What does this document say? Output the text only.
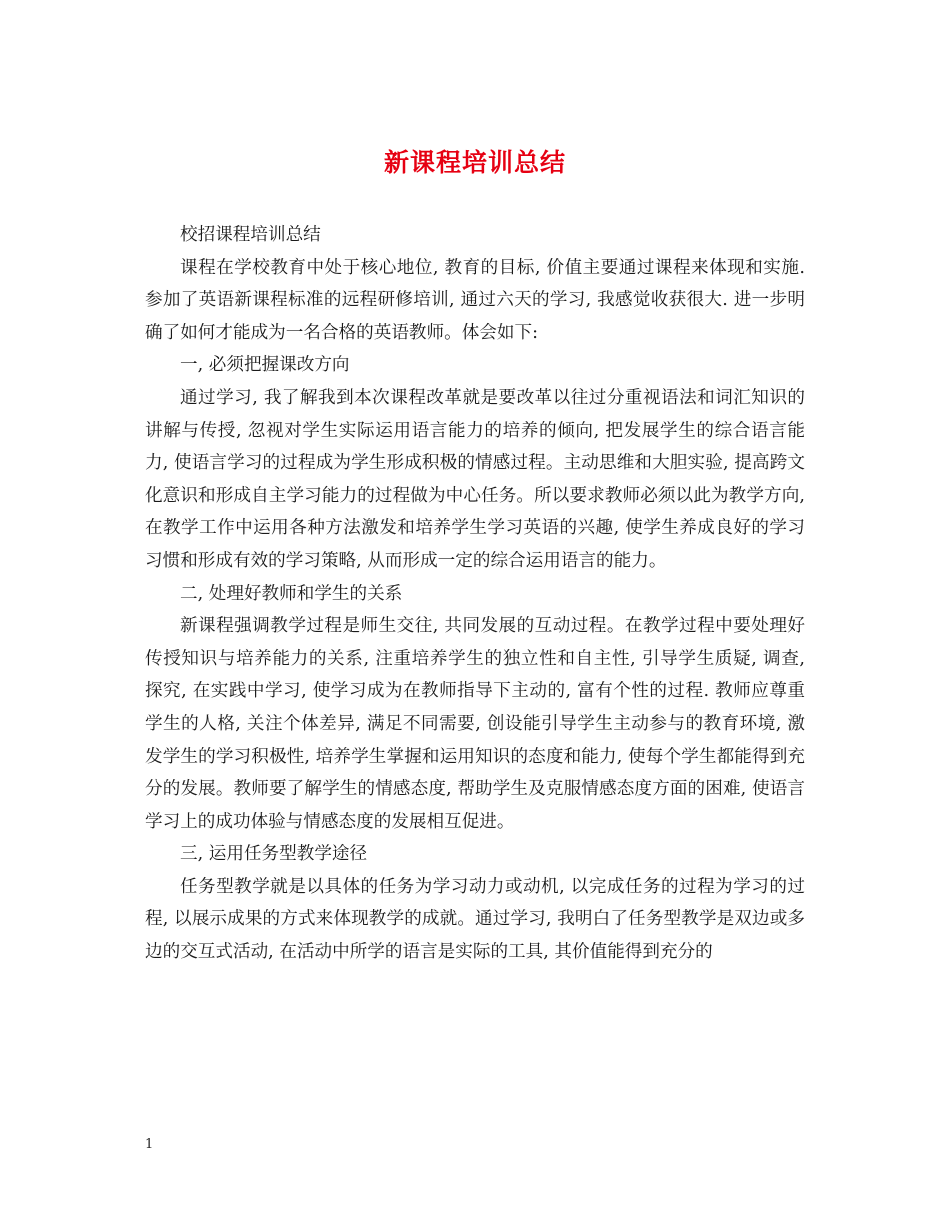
新课程培训总结

校招课程培训总结

课程在学校教育中处于核心地位, 教育的目标, 价值主要通过课程来体现和实施. 参加了英语新课程标准的远程研修培训, 通过六天的学习, 我感觉收获很大. 进一步明确了如何才能成为一名合格的英语教师。体会如下:

一, 必须把握课改方向

通过学习, 我了解我到本次课程改革就是要改革以往过分重视语法和词汇知识的讲解与传授, 忽视对学生实际运用语言能力的培养的倾向, 把发展学生的综合语言能力, 使语言学习的过程成为学生形成积极的情感过程。主动思维和大胆实验, 提高跨文化意识和形成自主学习能力的过程做为中心任务。所以要求教师必须以此为教学方向, 在教学工作中运用各种方法激发和培养学生学习英语的兴趣, 使学生养成良好的学习习惯和形成有效的学习策略, 从而形成一定的综合运用语言的能力。

二, 处理好教师和学生的关系

新课程强调教学过程是师生交往, 共同发展的互动过程。在教学过程中要处理好传授知识与培养能力的关系, 注重培养学生的独立性和自主性, 引导学生质疑, 调查, 探究, 在实践中学习, 使学习成为在教师指导下主动的, 富有个性的过程. 教师应尊重学生的人格, 关注个体差异, 满足不同需要, 创设能引导学生主动参与的教育环境, 激发学生的学习积极性, 培养学生掌握和运用知识的态度和能力, 使每个学生都能得到充分的发展。教师要了解学生的情感态度, 帮助学生及克服情感态度方面的困难, 使语言学习上的成功体验与情感态度的发展相互促进。

三, 运用任务型教学途径

任务型教学就是以具体的任务为学习动力或动机, 以完成任务的过程为学习的过程, 以展示成果的方式来体现教学的成就。通过学习, 我明白了任务型教学是双边或多边的交互式活动, 在活动中所学的语言是实际的工具, 其价值能得到充分的

1
